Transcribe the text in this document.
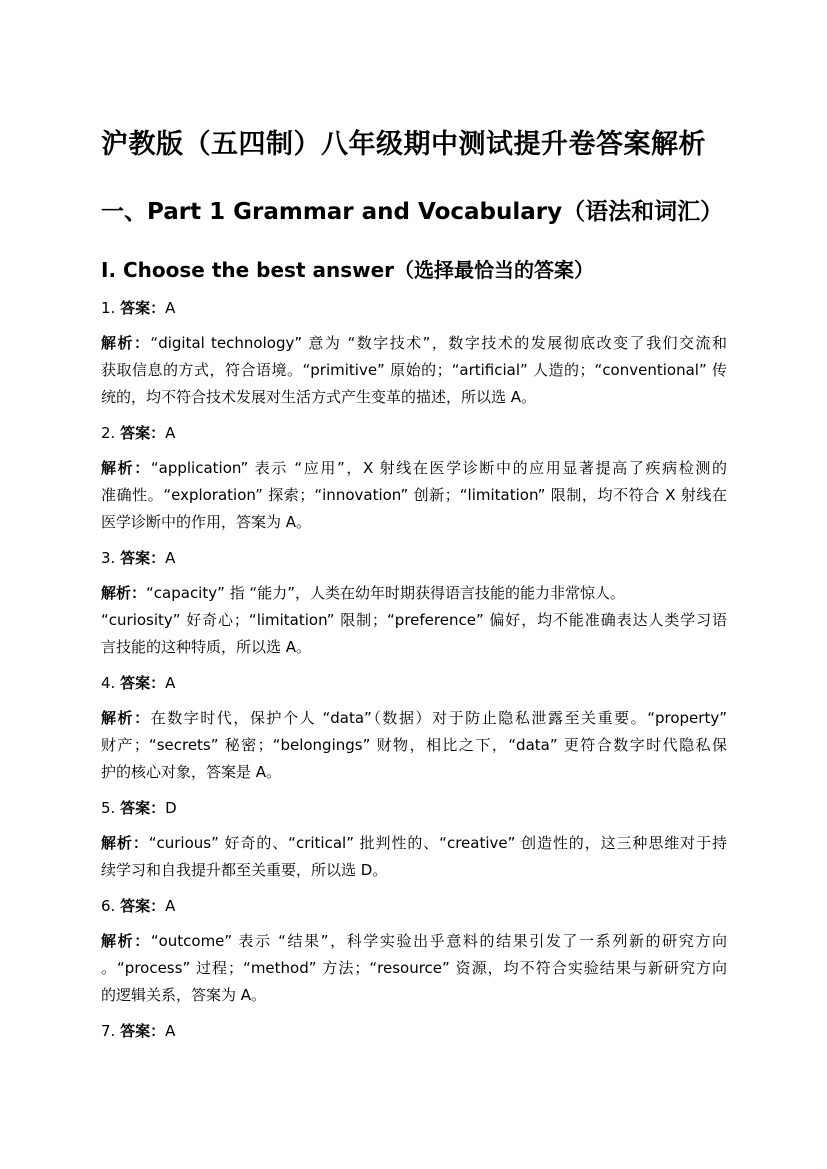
沪教版（五四制）八年级期中测试提升卷答案解析
一、Part 1 Grammar and Vocabulary（语法和词汇）
I. Choose the best answer（选择最恰当的答案）
1. 答案：A
解析：“digital technology” 意为 “数字技术”，数字技术的发展彻底改变了我们交流和
获取信息的方式，符合语境。“primitive” 原始的；“artificial” 人造的；“conventional” 传
统的，均不符合技术发展对生活方式产生变革的描述，所以选 A。
2. 答案：A
解析：“application” 表示 “应用”，X 射线在医学诊断中的应用显著提高了疾病检测的
准确性。“exploration” 探索；“innovation” 创新；“limitation” 限制，均不符合 X 射线在
医学诊断中的作用，答案为 A。
3. 答案：A
解析：“capacity” 指 “能力”，人类在幼年时期获得语言技能的能力非常惊人。
“curiosity” 好奇心；“limitation” 限制；“preference” 偏好，均不能准确表达人类学习语
言技能的这种特质，所以选 A。
4. 答案：A
解析：在数字时代，保护个人 “data”（数据）对于防止隐私泄露至关重要。“property”
财产；“secrets” 秘密；“belongings” 财物，相比之下，“data” 更符合数字时代隐私保
护的核心对象，答案是 A。
5. 答案：D
解析：“curious” 好奇的、“critical” 批判性的、“creative” 创造性的，这三种思维对于持
续学习和自我提升都至关重要，所以选 D。
6. 答案：A
解析：“outcome” 表示 “结果”，科学实验出乎意料的结果引发了一系列新的研究方向
。“process” 过程；“method” 方法；“resource” 资源，均不符合实验结果与新研究方向
的逻辑关系，答案为 A。
7. 答案：A
